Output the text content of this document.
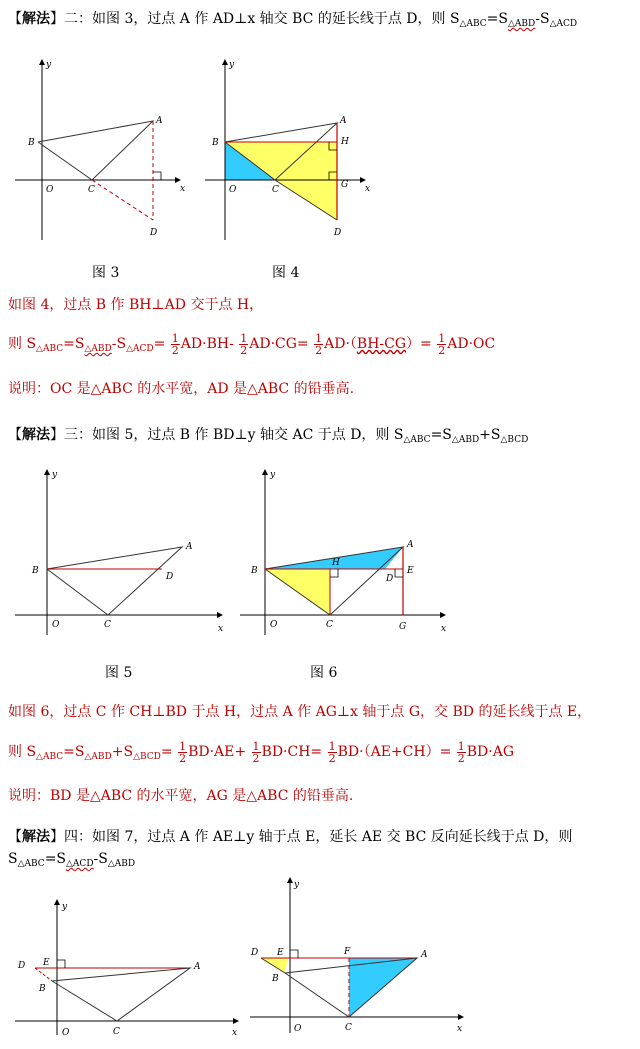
【解法】二：如图 3，过点 A 作 AD⊥x 轴交 BC 的延长线于点 D，则 $S_{\triangle ABC}=S_{\triangle ABD}-S_{\triangle ACD}$
y
x
O
A
B
C
D
y
x
O
A
B
C
D
H
G
图 3	图 4
如图 4，过点 B 作 BH⊥AD 交于点 H，
则 $S_{\triangle ABC}=S_{\triangle ABD}-S_{\triangle ACD}= \frac{1}{2} AD\cdot BH- \frac{1}{2} AD\cdot CG= \frac{1}{2} AD\cdot(BH-CG)= \frac{1}{2} AD\cdot OC$
说明：OC 是△ABC 的水平宽，AD 是△ABC 的铅垂高.
【解法】三：如图 5，过点 B 作 BD⊥y 轴交 AC 于点 D，则 $S_{\triangle ABC}=S_{\triangle ABD}+S_{\triangle BCD}$
y
x
O
A
B
C
D
y
x
O
A
B
C
D
H
E
G
图 5	图 6
如图 6，过点 C 作 CH⊥BD 于点 H，过点 A 作 AG⊥x 轴于点 G，交 BD 的延长线于点 E，
则 $S_{\triangle ABC}=S_{\triangle ABD}+S_{\triangle BCD}= \frac{1}{2} BD\cdot AE+ \frac{1}{2} BD\cdot CH= \frac{1}{2} BD\cdot(AE+CH)= \frac{1}{2} BD\cdot AG$
说明：BD 是△ABC 的水平宽，AG 是△ABC 的铅垂高.
【解法】四：如图 7，过点 A 作 AE⊥y 轴于点 E，延长 AE 交 BC 反向延长线于点 D，则
$S_{\triangle ABC}=S_{\triangle ACD}-S_{\triangle ABD}$
y
x
O
A
B
C
D E
y
x
O
A
B
C
D E	F
